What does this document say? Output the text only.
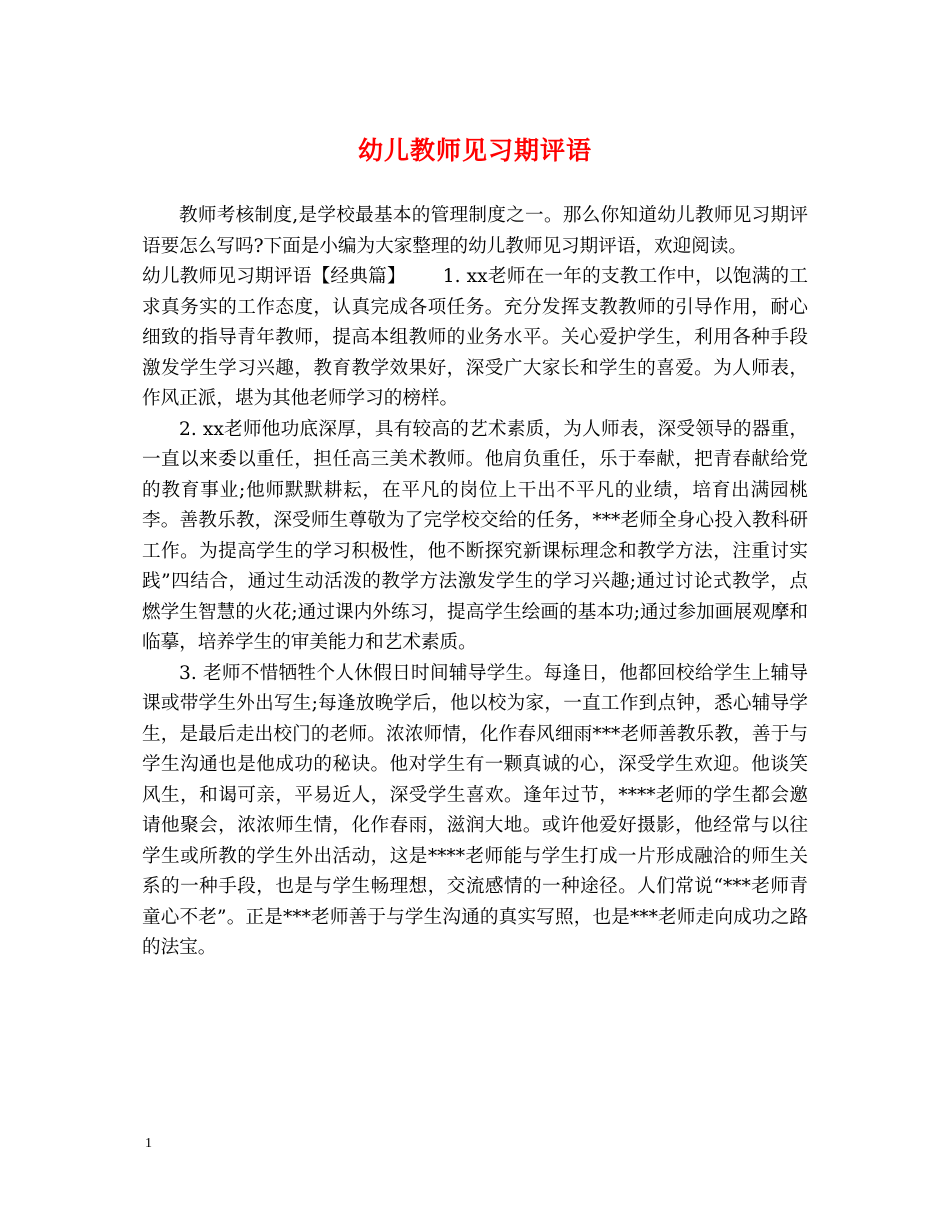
幼儿教师见习期评语

教师考核制度,是学校最基本的管理制度之一。那么你知道幼儿教师见习期评语要怎么写吗?下面是小编为大家整理的幼儿教师见习期评语，欢迎阅读。

幼儿教师见习期评语【经典篇】 1. xx老师在一年的支教工作中，以饱满的工求真务实的工作态度，认真完成各项任务。充分发挥支教教师的引导作用，耐心细致的指导青年教师，提高本组教师的业务水平。关心爱护学生，利用各种手段激发学生学习兴趣，教育教学效果好，深受广大家长和学生的喜爱。为人师表，作风正派，堪为其他老师学习的榜样。

2. xx老师他功底深厚，具有较高的艺术素质，为人师表，深受领导的器重，一直以来委以重任，担任高三美术教师。他肩负重任，乐于奉献，把青春献给党的教育事业;他师默默耕耘，在平凡的岗位上干出不平凡的业绩，培育出满园桃李。善教乐教，深受师生尊敬为了完学校交给的任务，***老师全身心投入教科研工作。为提高学生的学习积极性，他不断探究新课标理念和教学方法，注重讨实践”四结合，通过生动活泼的教学方法激发学生的学习兴趣;通过讨论式教学，点燃学生智慧的火花;通过课内外练习，提高学生绘画的基本功;通过参加画展观摩和临摹，培养学生的审美能力和艺术素质。

3. 老师不惜牺牲个人休假日时间辅导学生。每逢日，他都回校给学生上辅导课或带学生外出写生;每逢放晚学后，他以校为家，一直工作到点钟，悉心辅导学生，是最后走出校门的老师。浓浓师情，化作春风细雨***老师善教乐教，善于与学生沟通也是他成功的秘诀。他对学生有一颗真诚的心，深受学生欢迎。他谈笑风生，和谒可亲，平易近人，深受学生喜欢。逢年过节，****老师的学生都会邀请他聚会，浓浓师生情，化作春雨，滋润大地。或许他爱好摄影，他经常与以往学生或所教的学生外出活动，这是****老师能与学生打成一片形成融洽的师生关系的一种手段，也是与学生畅理想，交流感情的一种途径。人们常说“***老师青童心不老”。正是***老师善于与学生沟通的真实写照，也是***老师走向成功之路的法宝。

1
